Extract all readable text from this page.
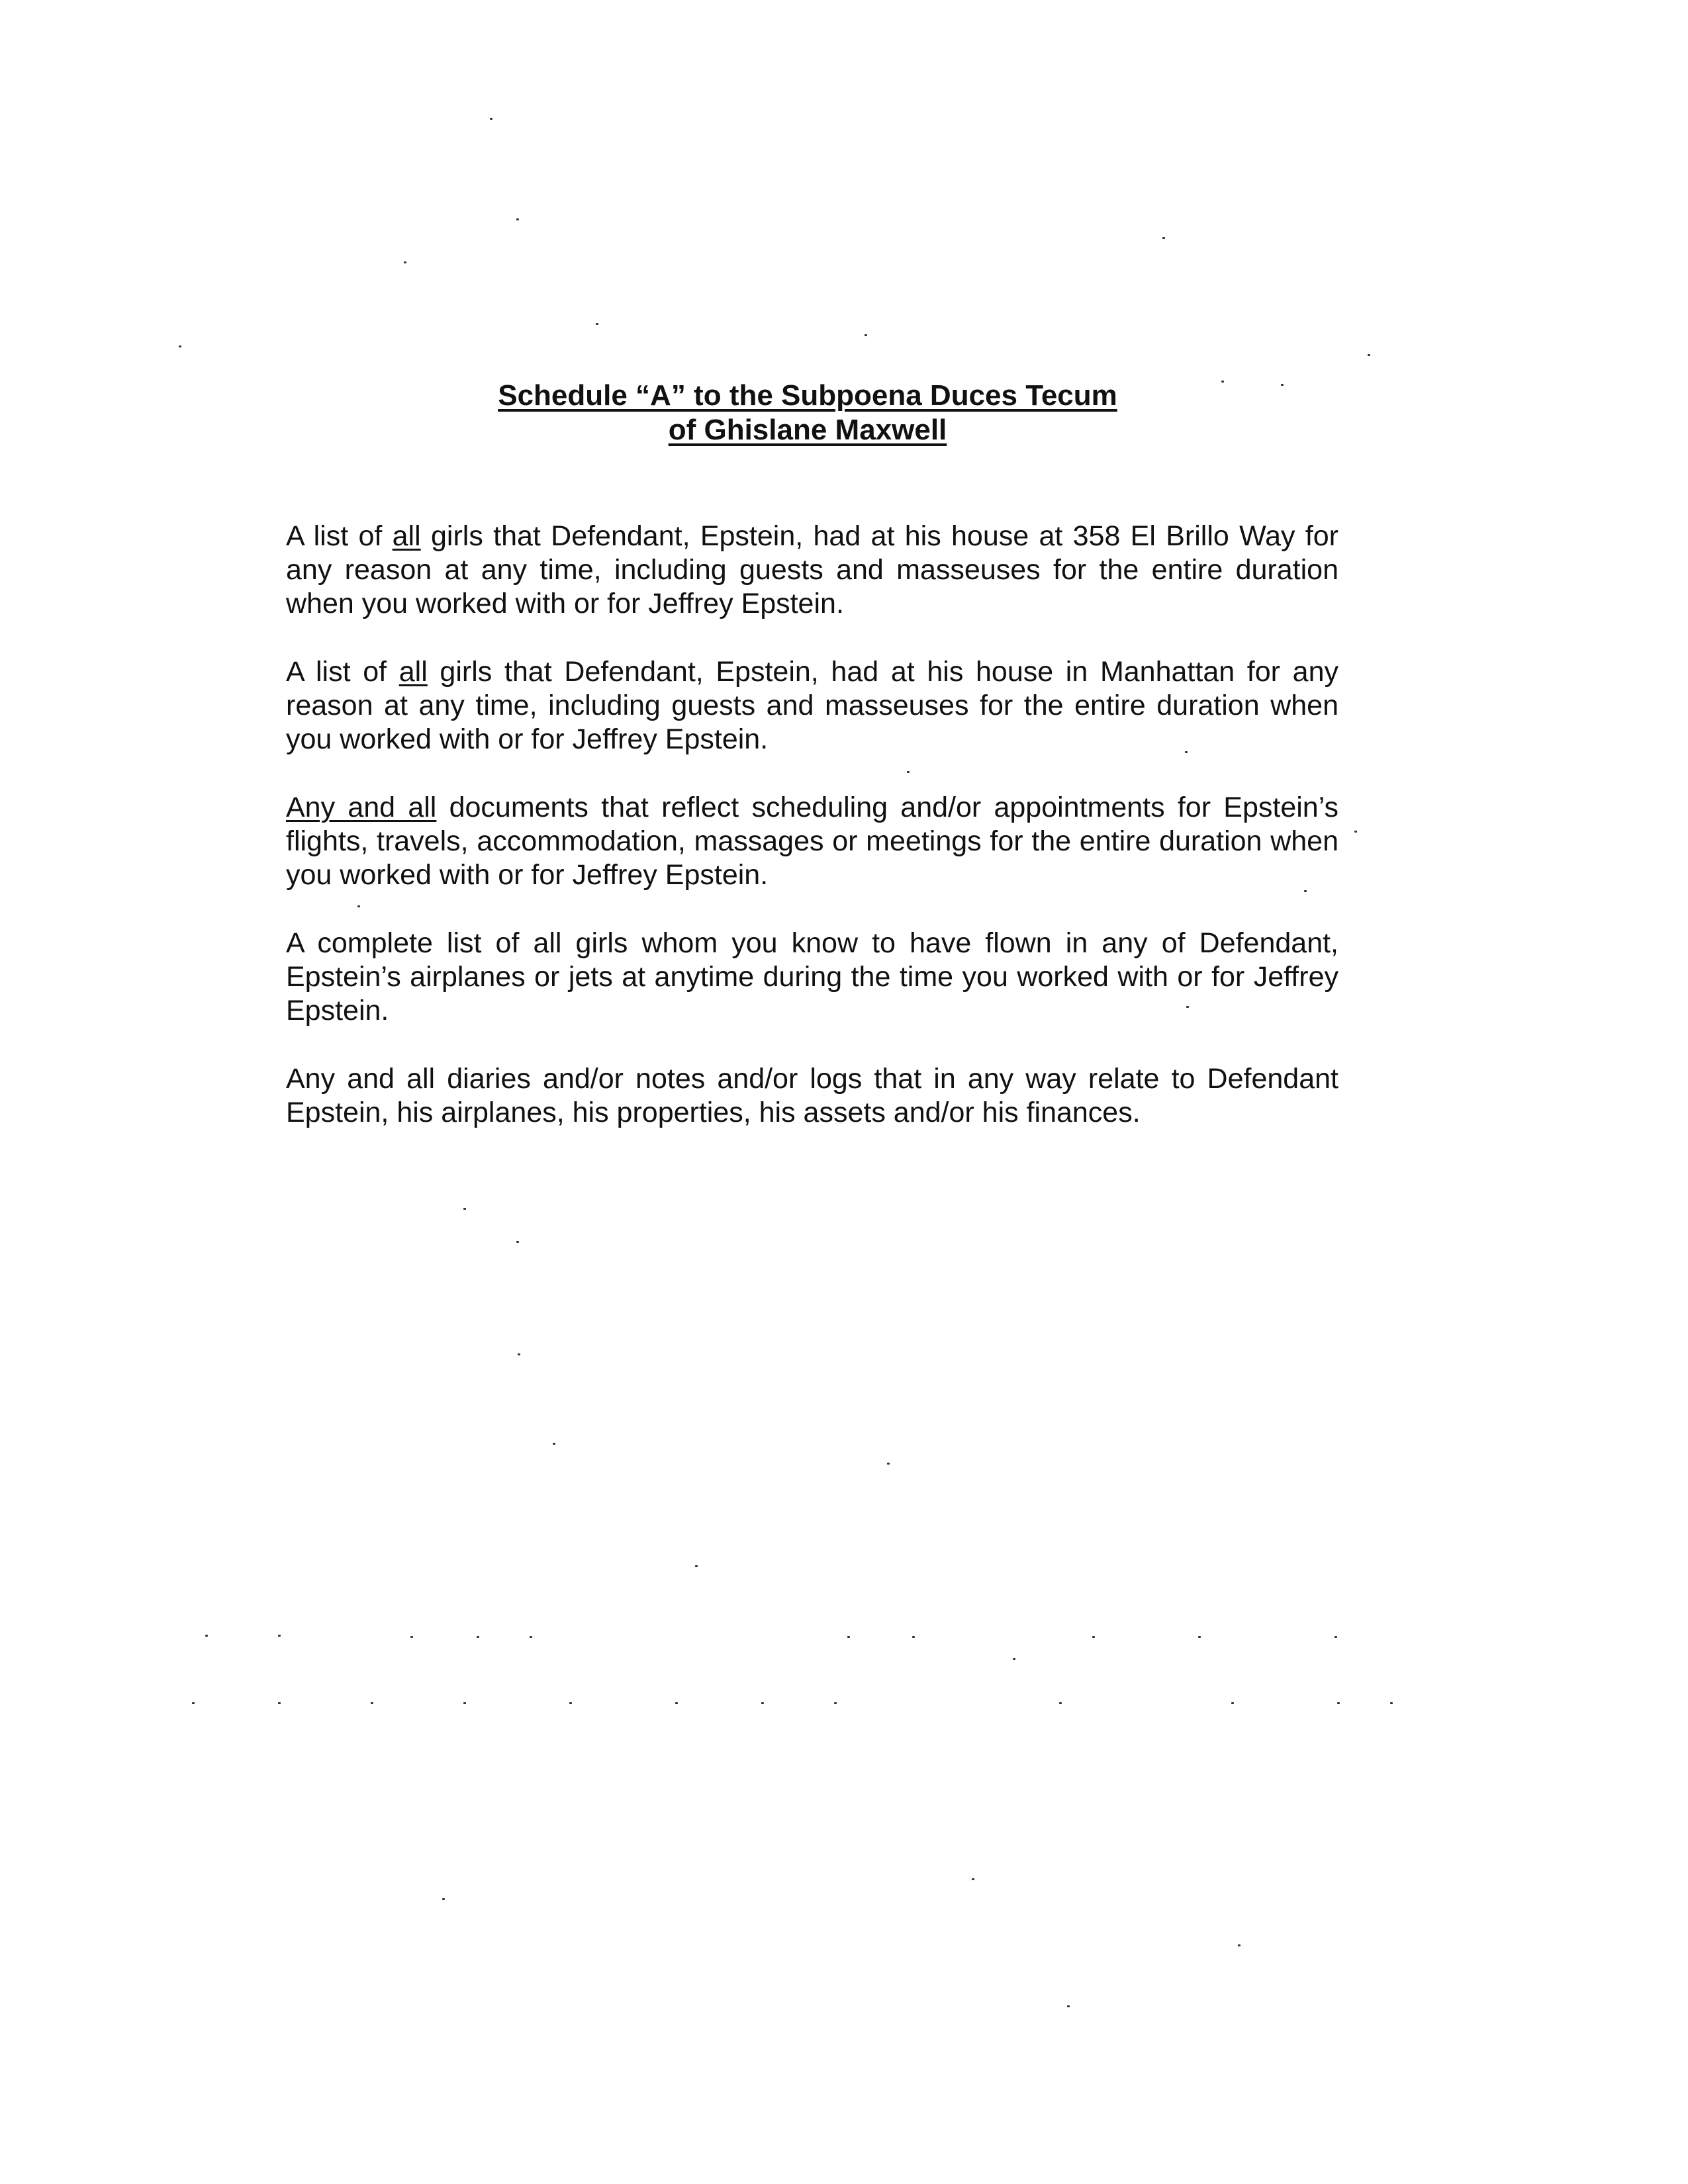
Schedule “A” to the Subpoena Duces Tecum
of Ghislane Maxwell

A list of all girls that Defendant, Epstein, had at his house at 358 El Brillo Way for any reason at any time, including guests and masseuses for the entire duration when you worked with or for Jeffrey Epstein.

A list of all girls that Defendant, Epstein, had at his house in Manhattan for any reason at any time, including guests and masseuses for the entire duration when you worked with or for Jeffrey Epstein.

Any and all documents that reflect scheduling and/or appointments for Epstein’s flights, travels, accommodation, massages or meetings for the entire duration when you worked with or for Jeffrey Epstein.

A complete list of all girls whom you know to have flown in any of Defendant, Epstein’s airplanes or jets at anytime during the time you worked with or for Jeffrey Epstein.

Any and all diaries and/or notes and/or logs that in any way relate to Defendant Epstein, his airplanes, his properties, his assets and/or his finances.
